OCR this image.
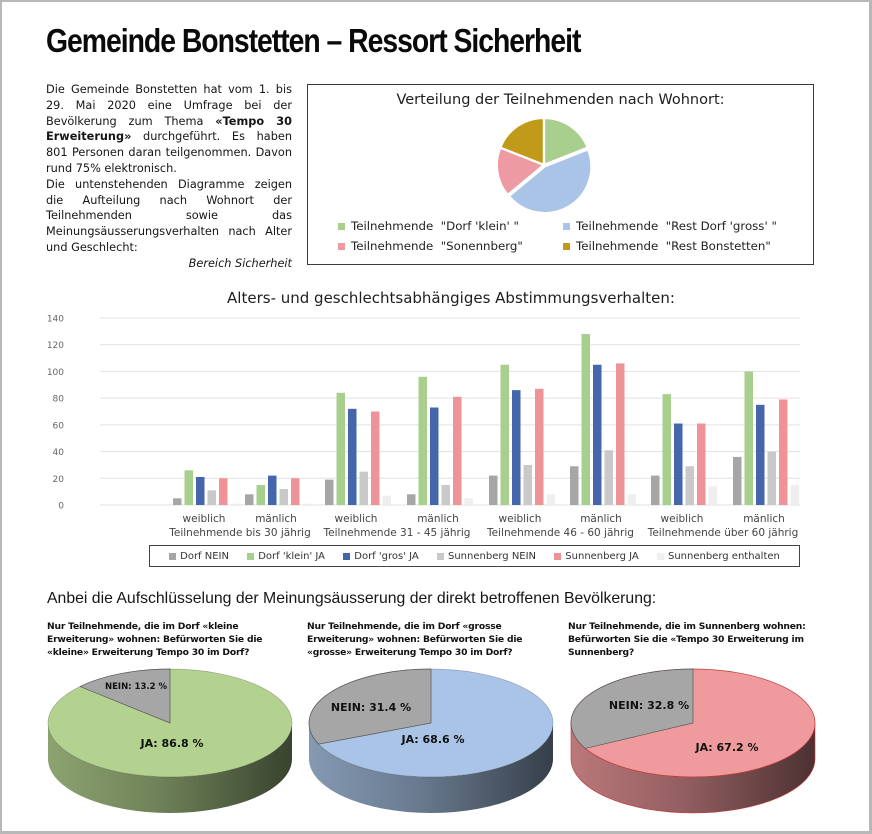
Gemeinde Bonstetten – Ressort Sicherheit
Die Gemeinde Bonstetten hat vom 1. bis 29. Mai 2020 eine Umfrage bei der Bevölkerung zum Thema «Tempo 30 Erweiterung» durchgeführt. Es haben 801 Personen daran teilgenommen. Davon rund 75% elektronisch.
Die untenstehenden Diagramme zeigen die Aufteilung nach Wohnort der Teilnehmenden sowie das Meinungsäusserungsverhalten nach Alter und Geschlecht:
Bereich Sicherheit
Verteilung der Teilnehmenden nach Wohnort:
Teilnehmende  "Dorf 'klein' "	Teilnehmende  "Rest Dorf 'gross' "
Teilnehmende  "Sonennberg"	Teilnehmende  "Rest Bonstetten"
Alters- und geschlechtsabhängiges Abstimmungsverhalten:
0
20
40
60
80
100
120
140
weiblich	mänlich	weiblich	mänlich	weiblich	mänlich	weiblich	mänlich
Teilnehmende bis 30 jährig Teilnehmende 31 - 45 jährig Teilnehmende 46 - 60 jährig Teilnehmende über 60 jährig
Dorf NEIN	Dorf 'klein' JA	Dorf 'gros' JA	Sunnenberg NEIN	Sunnenberg JA	Sunnenberg enthalten
Anbei die Aufschlüsselung der Meinungsäusserung der direkt betroffenen Bevölkerung:
Nur Teilnehmende, die im Dorf «kleine Erweiterung» wohnen: Befürworten Sie die «kleine» Erweiterung Tempo 30 im Dorf?
Nur Teilnehmende, die im Dorf «grosse Erweiterung» wohnen: Befürworten Sie die «grosse» Erweiterung Tempo 30 im Dorf?
Nur Teilnehmende, die im Sunnenberg wohnen: Befürworten Sie die «Tempo 30 Erweiterung im Sunnenberg?
NEIN: 13.2 %
JA: 86.8 %
NEIN: 31.4 %
JA: 68.6 %
NEIN: 32.8 %
JA: 67.2 %
